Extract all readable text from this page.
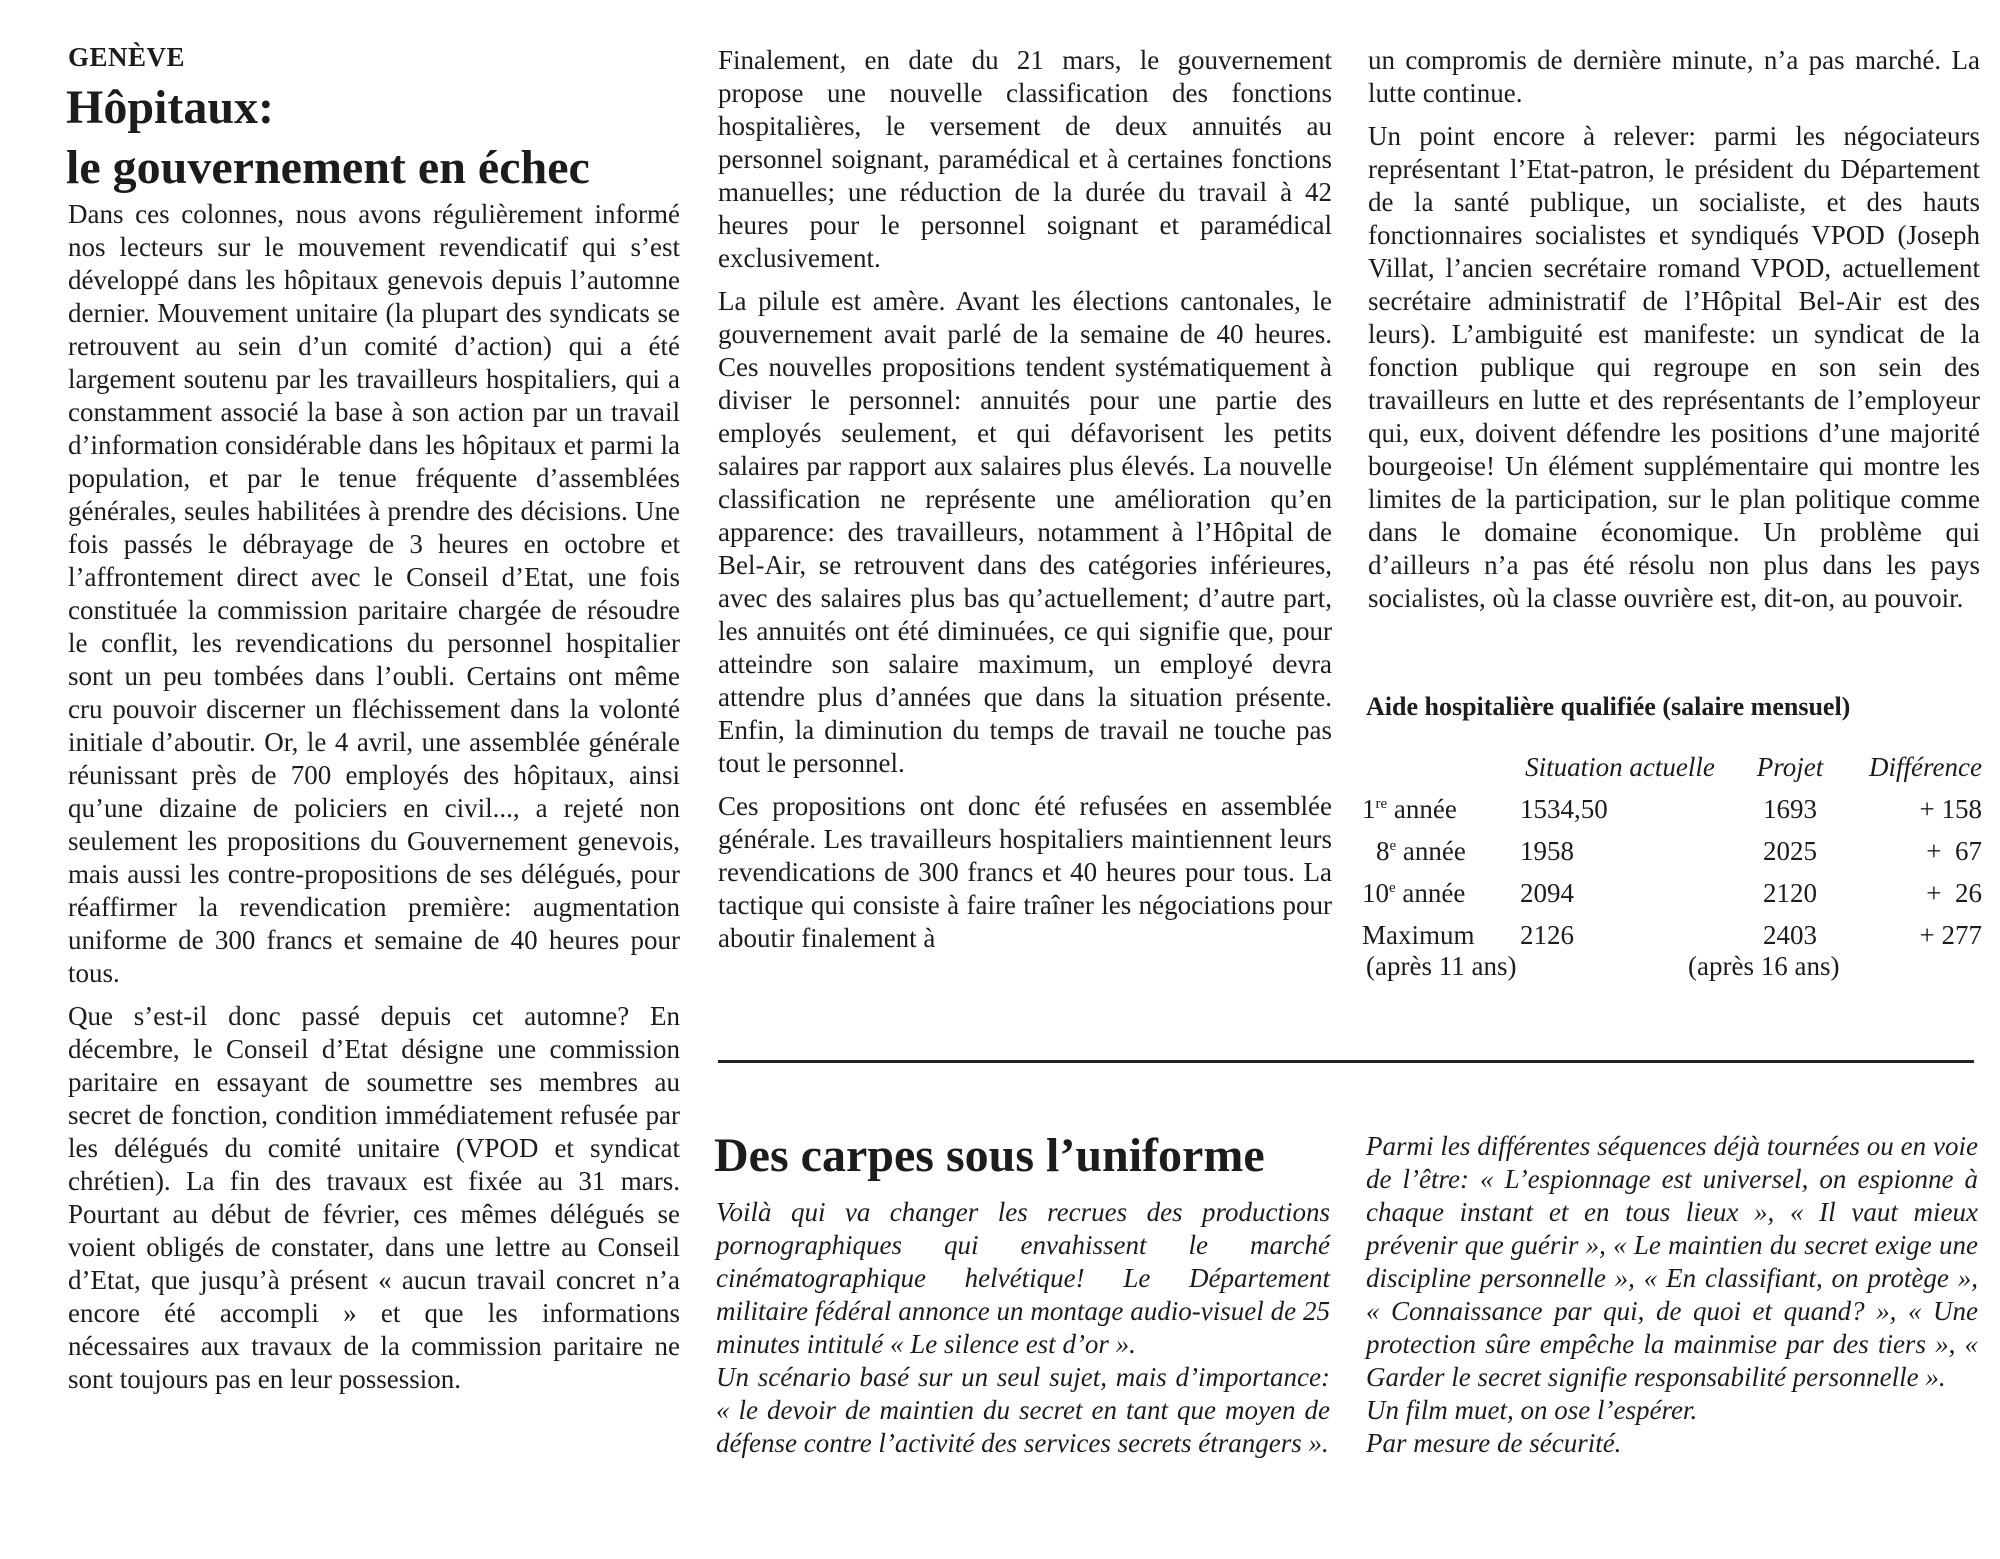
GENÈVE

Hôpitaux:
le gouvernement en échec

Dans ces colonnes, nous avons régulièrement informé nos lecteurs sur le mouvement revendicatif qui s’est développé dans les hôpitaux genevois depuis l’automne dernier. Mouvement unitaire (la plupart des syndicats se retrouvent au sein d’un comité d’action) qui a été largement soutenu par les travailleurs hospitaliers, qui a constamment associé la base à son action par un travail d’information considérable dans les hôpitaux et parmi la population, et par le tenue fréquente d’assemblées générales, seules habilitées à prendre des décisions. Une fois passés le débrayage de 3 heures en octobre et l’affrontement direct avec le Conseil d’Etat, une fois constituée la commission paritaire chargée de résoudre le conflit, les revendications du personnel hospitalier sont un peu tombées dans l’oubli. Certains ont même cru pouvoir discerner un fléchissement dans la volonté initiale d’aboutir. Or, le 4 avril, une assemblée générale réunissant près de 700 employés des hôpitaux, ainsi qu’une dizaine de policiers en civil..., a rejeté non seulement les propositions du Gouvernement genevois, mais aussi les contre-propositions de ses délégués, pour réaffirmer la revendication première: augmentation uniforme de 300 francs et semaine de 40 heures pour tous.

Que s’est-il donc passé depuis cet automne? En décembre, le Conseil d’Etat désigne une commission paritaire en essayant de soumettre ses membres au secret de fonction, condition immédiatement refusée par les délégués du comité unitaire (VPOD et syndicat chrétien). La fin des travaux est fixée au 31 mars. Pourtant au début de février, ces mêmes délégués se voient obligés de constater, dans une lettre au Conseil d’Etat, que jusqu’à présent « aucun travail concret n’a encore été accompli » et que les informations nécessaires aux travaux de la commission paritaire ne sont toujours pas en leur possession.

Finalement, en date du 21 mars, le gouvernement propose une nouvelle classification des fonctions hospitalières, le versement de deux annuités au personnel soignant, paramédical et à certaines fonctions manuelles; une réduction de la durée du travail à 42 heures pour le personnel soignant et paramédical exclusivement.

La pilule est amère. Avant les élections cantonales, le gouvernement avait parlé de la semaine de 40 heures. Ces nouvelles propositions tendent systématiquement à diviser le personnel: annuités pour une partie des employés seulement, et qui défavorisent les petits salaires par rapport aux salaires plus élevés. La nouvelle classification ne représente une amélioration qu’en apparence: des travailleurs, notamment à l’Hôpital de Bel-Air, se retrouvent dans des catégories inférieures, avec des salaires plus bas qu’actuellement; d’autre part, les annuités ont été diminuées, ce qui signifie que, pour atteindre son salaire maximum, un employé devra attendre plus d’années que dans la situation présente. Enfin, la diminution du temps de travail ne touche pas tout le personnel.

Ces propositions ont donc été refusées en assemblée générale. Les travailleurs hospitaliers maintiennent leurs revendications de 300 francs et 40 heures pour tous. La tactique qui consiste à faire traîner les négociations pour aboutir finalement à

un compromis de dernière minute, n’a pas marché. La lutte continue.

Un point encore à relever: parmi les négociateurs représentant l’Etat-patron, le président du Département de la santé publique, un socialiste, et des hauts fonctionnaires socialistes et syndiqués VPOD (Joseph Villat, l’ancien secrétaire romand VPOD, actuellement secrétaire administratif de l’Hôpital Bel-Air est des leurs). L’ambiguité est manifeste: un syndicat de la fonction publique qui regroupe en son sein des travailleurs en lutte et des représentants de l’employeur qui, eux, doivent défendre les positions d’une majorité bourgeoise! Un élément supplémentaire qui montre les limites de la participation, sur le plan politique comme dans le domaine économique. Un problème qui d’ailleurs n’a pas été résolu non plus dans les pays socialistes, où la classe ouvrière est, dit-on, au pouvoir.

Aide hospitalière qualifiée (salaire mensuel)

	Situation actuelle	Projet	Différence
1re année	1534,50	1693	+ 158
8e année	1958	2025	+  67
10e année	2094	2120	+  26
Maximum	2126	2403	+ 277
(après 11 ans)	(après 16 ans)
Des carpes sous l’uniforme

Voilà qui va changer les recrues des productions pornographiques qui envahissent le marché cinématographique helvétique! Le Département militaire fédéral annonce un montage audio-visuel de 25 minutes intitulé « Le silence est d’or ».

Un scénario basé sur un seul sujet, mais d’importance: « le devoir de maintien du secret en tant que moyen de défense contre l’activité des services secrets étrangers ».

Parmi les différentes séquences déjà tournées ou en voie de l’être: « L’espionnage est universel, on espionne à chaque instant et en tous lieux », « Il vaut mieux prévenir que guérir », « Le maintien du secret exige une discipline personnelle », « En classifiant, on protège », « Connaissance par qui, de quoi et quand? », « Une protection sûre empêche la mainmise par des tiers », « Garder le secret signifie responsabilité personnelle ».

Un film muet, on ose l’espérer.

Par mesure de sécurité.
